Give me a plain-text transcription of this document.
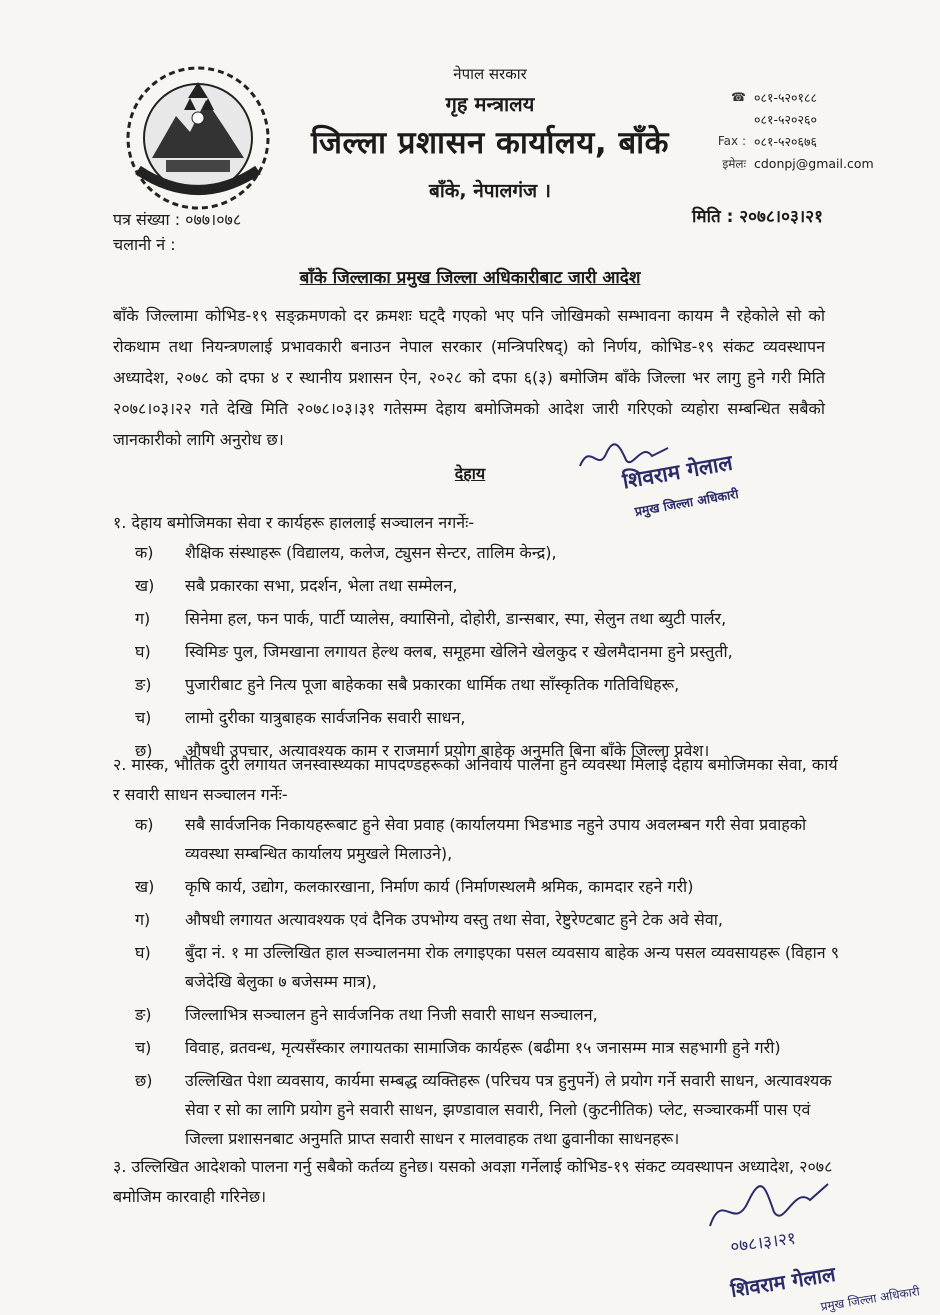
नेपाल सरकार
गृह मन्त्रालय
जिल्ला प्रशासन कार्यालय, बाँके
बाँके, नेपालगंज ।
☎ ०८१-५२०१८८
०८१-५२०२६०
Fax : ०८१-५२०६७६
इमेलः cdonpj@gmail.com
पत्र संख्या : ०७७।०७८
चलानी नं :
मिति : २०७८।०३।२१
बाँके जिल्लाका प्रमुख जिल्ला अधिकारीबाट जारी आदेश
बाँके जिल्लामा कोभिड-१९ सङ्क्रमणको दर क्रमशः घट्दै गएको भए पनि जोखिमको सम्भावना कायम नै रहेकोले सो को रोकथाम तथा नियन्त्रणलाई प्रभावकारी बनाउन नेपाल सरकार (मन्त्रिपरिषद्) को निर्णय, कोभिड-१९ संकट व्यवस्थापन अध्यादेश, २०७८ को दफा ४ र स्थानीय प्रशासन ऐन, २०२८ को दफा ६(३) बमोजिम बाँके जिल्ला भर लागु हुने गरी मिति २०७८।०३।२२ गते देखि मिति २०७८।०३।३१ गतेसम्म देहाय बमोजिमको आदेश जारी गरिएको व्यहोरा सम्बन्धित सबैको जानकारीको लागि अनुरोध छ।
देहाय	शिवराम गेलाल
प्रमुख जिल्ला अधिकारी
१. देहाय बमोजिमका सेवा र कार्यहरू हाललाई सञ्चालन नगर्नेः-
क)	शैक्षिक संस्थाहरू (विद्यालय, कलेज, ट्युसन सेन्टर, तालिम केन्द्र),
ख)	सबै प्रकारका सभा, प्रदर्शन, भेला तथा सम्मेलन,
ग)	सिनेमा हल, फन पार्क, पार्टी प्यालेस, क्यासिनो, दोहोरी, डान्सबार, स्पा, सेलुन तथा ब्युटी पार्लर,
घ)	स्विमिङ पुल, जिमखाना लगायत हेल्थ क्लब, समूहमा खेलिने खेलकुद र खेलमैदानमा हुने प्रस्तुती,
ङ)	पुजारीबाट हुने नित्य पूजा बाहेकका सबै प्रकारका धार्मिक तथा साँस्कृतिक गतिविधिहरू,
च)	लामो दुरीका यात्रुबाहक सार्वजनिक सवारी साधन,
छ)	औषधी उपचार, अत्यावश्यक काम र राजमार्ग प्रयोग बाहेक अनुमति बिना बाँके जिल्ला प्रवेश।
२. मास्क, भौतिक दुरी लगायत जनस्वास्थ्यका मापदण्डहरूको अनिवार्य पालना हुने व्यवस्था मिलाई देहाय बमोजिमका सेवा, कार्य र सवारी साधन सञ्चालन गर्नेः-
क)	सबै सार्वजनिक निकायहरूबाट हुने सेवा प्रवाह (कार्यालयमा भिडभाड नहुने उपाय अवलम्बन गरी सेवा प्रवाहको व्यवस्था सम्बन्धित कार्यालय प्रमुखले मिलाउने),
ख)	कृषि कार्य, उद्योग, कलकारखाना, निर्माण कार्य (निर्माणस्थलमै श्रमिक, कामदार रहने गरी)
ग)	औषधी लगायत अत्यावश्यक एवं दैनिक उपभोग्य वस्तु तथा सेवा, रेष्टुरेण्टबाट हुने टेक अवे सेवा,
घ)	बुँदा नं. १ मा उल्लिखित हाल सञ्चालनमा रोक लगाइएका पसल व्यवसाय बाहेक अन्य पसल व्यवसायहरू (विहान ९ बजेदेखि बेलुका ७ बजेसम्म मात्र),
ङ)	जिल्लाभित्र सञ्चालन हुने सार्वजनिक तथा निजी सवारी साधन सञ्चालन,
च)	विवाह, व्रतवन्ध, मृत्यसँस्कार लगायतका सामाजिक कार्यहरू (बढीमा १५ जनासम्म मात्र सहभागी हुने गरी)
छ)	उल्लिखित पेशा व्यवसाय, कार्यमा सम्बद्ध व्यक्तिहरू (परिचय पत्र हुनुपर्ने) ले प्रयोग गर्ने सवारी साधन, अत्यावश्यक सेवा र सो का लागि प्रयोग हुने सवारी साधन, झण्डावाल सवारी, निलो (कुटनीतिक) प्लेट, सञ्चारकर्मी पास एवं जिल्ला प्रशासनबाट अनुमति प्राप्त सवारी साधन र मालवाहक तथा ढुवानीका साधनहरू।
३. उल्लिखित आदेशको पालना गर्नु सबैको कर्तव्य हुनेछ। यसको अवज्ञा गर्नेलाई कोभिड-१९ संकट व्यवस्थापन अध्यादेश, २०७८ बमोजिम कारवाही गरिनेछ।
०७८।३।२१
शिवराम गेलाल
प्रमुख जिल्ला अधिकारी
